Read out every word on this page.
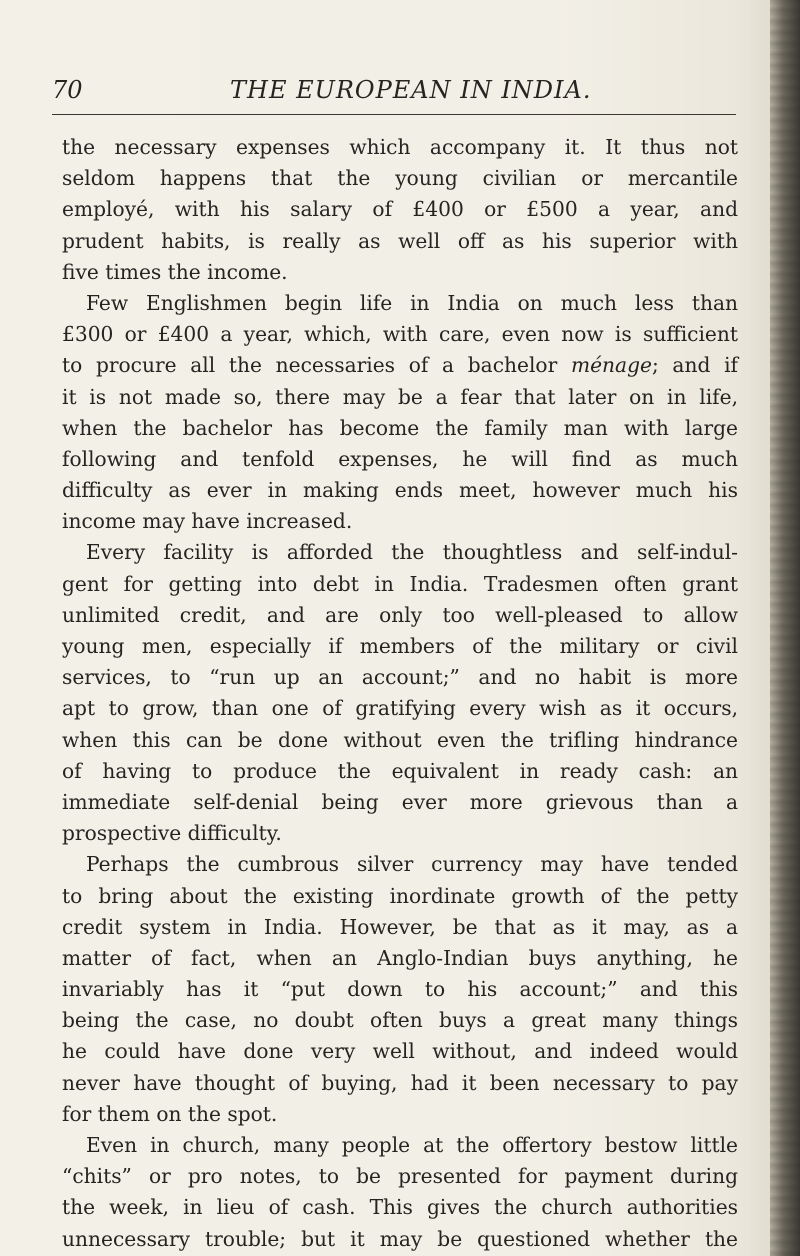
70	THE EUROPEAN IN INDIA.
the necessary expenses which accompany it. It thus not
seldom happens that the young civilian or mercantile
employé, with his salary of £400 or £500 a year, and
prudent habits, is really as well off as his superior with
five times the income.
Few Englishmen begin life in India on much less than
£300 or £400 a year, which, with care, even now is sufficient
to procure all the necessaries of a bachelor ménage; and if
it is not made so, there may be a fear that later on in life,
when the bachelor has become the family man with large
following and tenfold expenses, he will find as much
difficulty as ever in making ends meet, however much his
income may have increased.
Every facility is afforded the thoughtless and self-indul-
gent for getting into debt in India. Tradesmen often grant
unlimited credit, and are only too well-pleased to allow
young men, especially if members of the military or civil
services, to “run up an account;” and no habit is more
apt to grow, than one of gratifying every wish as it occurs,
when this can be done without even the trifling hindrance
of having to produce the equivalent in ready cash: an
immediate self-denial being ever more grievous than a
prospective difficulty.
Perhaps the cumbrous silver currency may have tended
to bring about the existing inordinate growth of the petty
credit system in India. However, be that as it may, as a
matter of fact, when an Anglo-Indian buys anything, he
invariably has it “put down to his account;” and this
being the case, no doubt often buys a great many things
he could have done very well without, and indeed would
never have thought of buying, had it been necessary to pay
for them on the spot.
Even in church, many people at the offertory bestow little
“chits” or pro notes, to be presented for payment during
the week, in lieu of cash. This gives the church authorities
unnecessary trouble; but it may be questioned whether the
